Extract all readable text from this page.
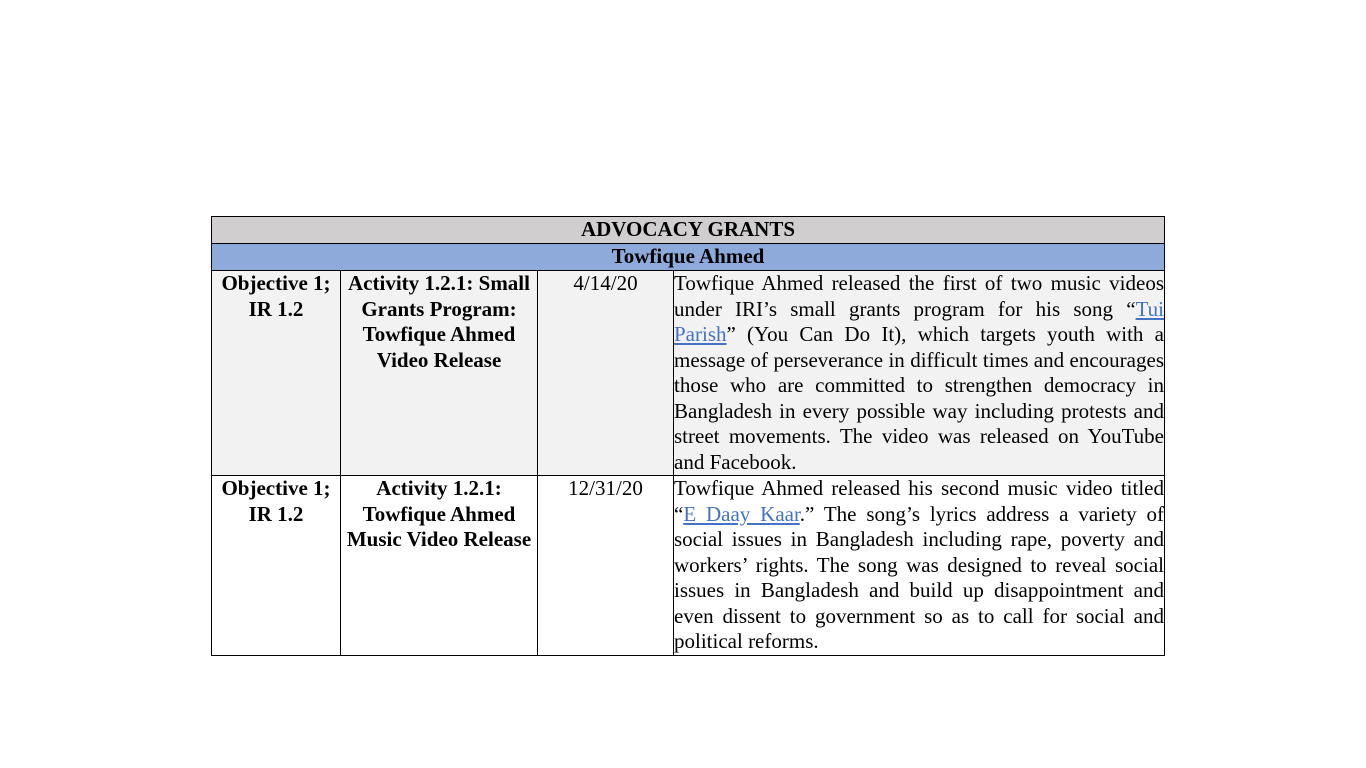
ADVOCACY GRANTS			
Towfique Ahmed			
Objective 1; IR 1.2	Activity 1.2.1: Small Grants Program: Towfique Ahmed Video Release	4/14/20	Towfique Ahmed released the first of two music videos under IRI’s small grants program for his song “Tui Parish” (You Can Do It), which targets youth with a message of perseverance in difficult times and encourages those who are committed to strengthen democracy in Bangladesh in every possible way including protests and street movements. The video was released on YouTube and Facebook.
Objective 1; IR 1.2	Activity 1.2.1: Towfique Ahmed Music Video Release	12/31/20	Towfique Ahmed released his second music video titled “E Daay Kaar.” The song’s lyrics address a variety of social issues in Bangladesh including rape, poverty and workers’ rights. The song was designed to reveal social issues in Bangladesh and build up disappointment and even dissent to government so as to call for social and political reforms.
